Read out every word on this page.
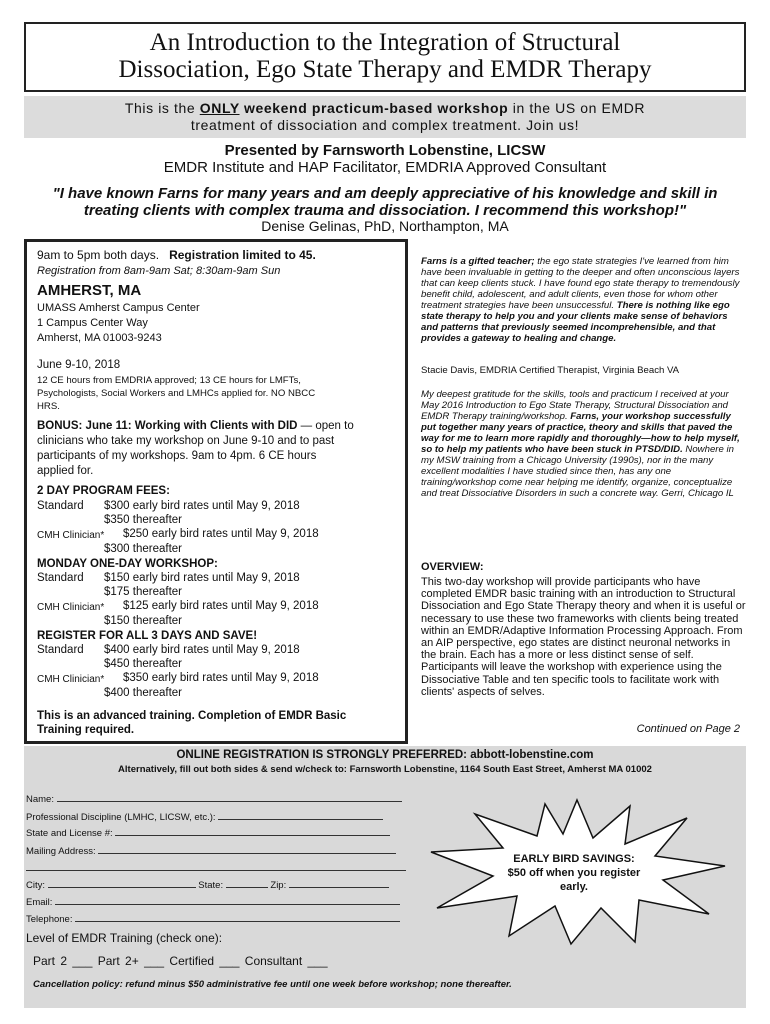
An Introduction to the Integration of Structural
Dissociation, Ego State Therapy and EMDR Therapy
This is the ONLY weekend practicum-based workshop in the US on EMDR
treatment of dissociation and complex treatment. Join us!
Presented by Farnsworth Lobenstine, LICSW
EMDR Institute and HAP Facilitator, EMDRIA Approved Consultant
"I have known Farns for many years and am deeply appreciative of his knowledge and skill in
treating clients with complex trauma and dissociation. I recommend this workshop!"
Denise Gelinas, PhD, Northampton, MA
9am to 5pm both days. Registration limited to 45.
Registration from 8am-9am Sat; 8:30am-9am Sun
AMHERST, MA
UMASS Amherst Campus Center
1 Campus Center Way
Amherst, MA 01003-9243
June 9-10, 2018
12 CE hours from EMDRIA approved; 13 CE hours for LMFTs,
Psychologists, Social Workers and LMHCs applied for. NO NBCC
HRS.
BONUS: June 11: Working with Clients with DID — open to
clinicians who take my workshop on June 9-10 and to past
participants of my workshops. 9am to 4pm. 6 CE hours
applied for.
2 DAY PROGRAM FEES:
Standard $300 early bird rates until May 9, 2018
$350 thereafter
CMH Clinician* $250 early bird rates until May 9, 2018
$300 thereafter
MONDAY ONE-DAY WORKSHOP:
Standard $150 early bird rates until May 9, 2018
$175 thereafter
CMH Clinician* $125 early bird rates until May 9, 2018
$150 thereafter
REGISTER FOR ALL 3 DAYS AND SAVE!
Standard $400 early bird rates until May 9, 2018
$450 thereafter
CMH Clinician* $350 early bird rates until May 9, 2018
$400 thereafter
This is an advanced training. Completion of EMDR Basic
Training required.
Farns is a gifted teacher; the ego state strategies I've learned from him have been invaluable in getting to the deeper and often unconscious layers that can keep clients stuck. I have found ego state therapy to tremendously benefit child, adolescent, and adult clients, even those for whom other treatment strategies have been unsuccessful. There is nothing like ego state therapy to help you and your clients make sense of behaviors and patterns that previously seemed incomprehensible, and that provides a gateway to healing and change.
Stacie Davis, EMDRIA Certified Therapist, Virginia Beach VA
My deepest gratitude for the skills, tools and practicum I received at your May 2016 Introduction to Ego State Therapy, Structural Dissociation and EMDR Therapy training/workshop. Farns, your workshop successfully put together many years of practice, theory and skills that paved the way for me to learn more rapidly and thoroughly—how to help myself, so to help my patients who have been stuck in PTSD/DID. Nowhere in my MSW training from a Chicago University (1990s), nor in the many excellent modalities I have studied since then, has any one training/workshop come near helping me identify, organize, conceptualize and treat Dissociative Disorders in such a concrete way. Gerri, Chicago IL
OVERVIEW:
This two-day workshop will provide participants who have completed EMDR basic training with an introduction to Structural Dissociation and Ego State Therapy theory and when it is useful or necessary to use these two frameworks with clients being treated within an EMDR/Adaptive Information Processing Approach. From an AIP perspective, ego states are distinct neuronal networks in the brain. Each has a more or less distinct sense of self. Participants will leave the workshop with experience using the Dissociative Table and ten specific tools to facilitate work with clients' aspects of selves.
Continued on Page 2
ONLINE REGISTRATION IS STRONGLY PREFERRED: abbott-lobenstine.com
Alternatively, fill out both sides & send w/check to: Farnsworth Lobenstine, 1164 South East Street, Amherst MA 01002
Name:
Professional Discipline (LMHC, LICSW, etc.):
State and License #:
Mailing Address:
City:	State:	Zip:
Email:
Telephone:
Level of EMDR Training (check one):
Part 2 ___ Part 2+ ___ Certified ___ Consultant ___
Cancellation policy: refund minus $50 administrative fee until one week before workshop; none thereafter.
EARLY BIRD SAVINGS:
$50 off when you register
early.
